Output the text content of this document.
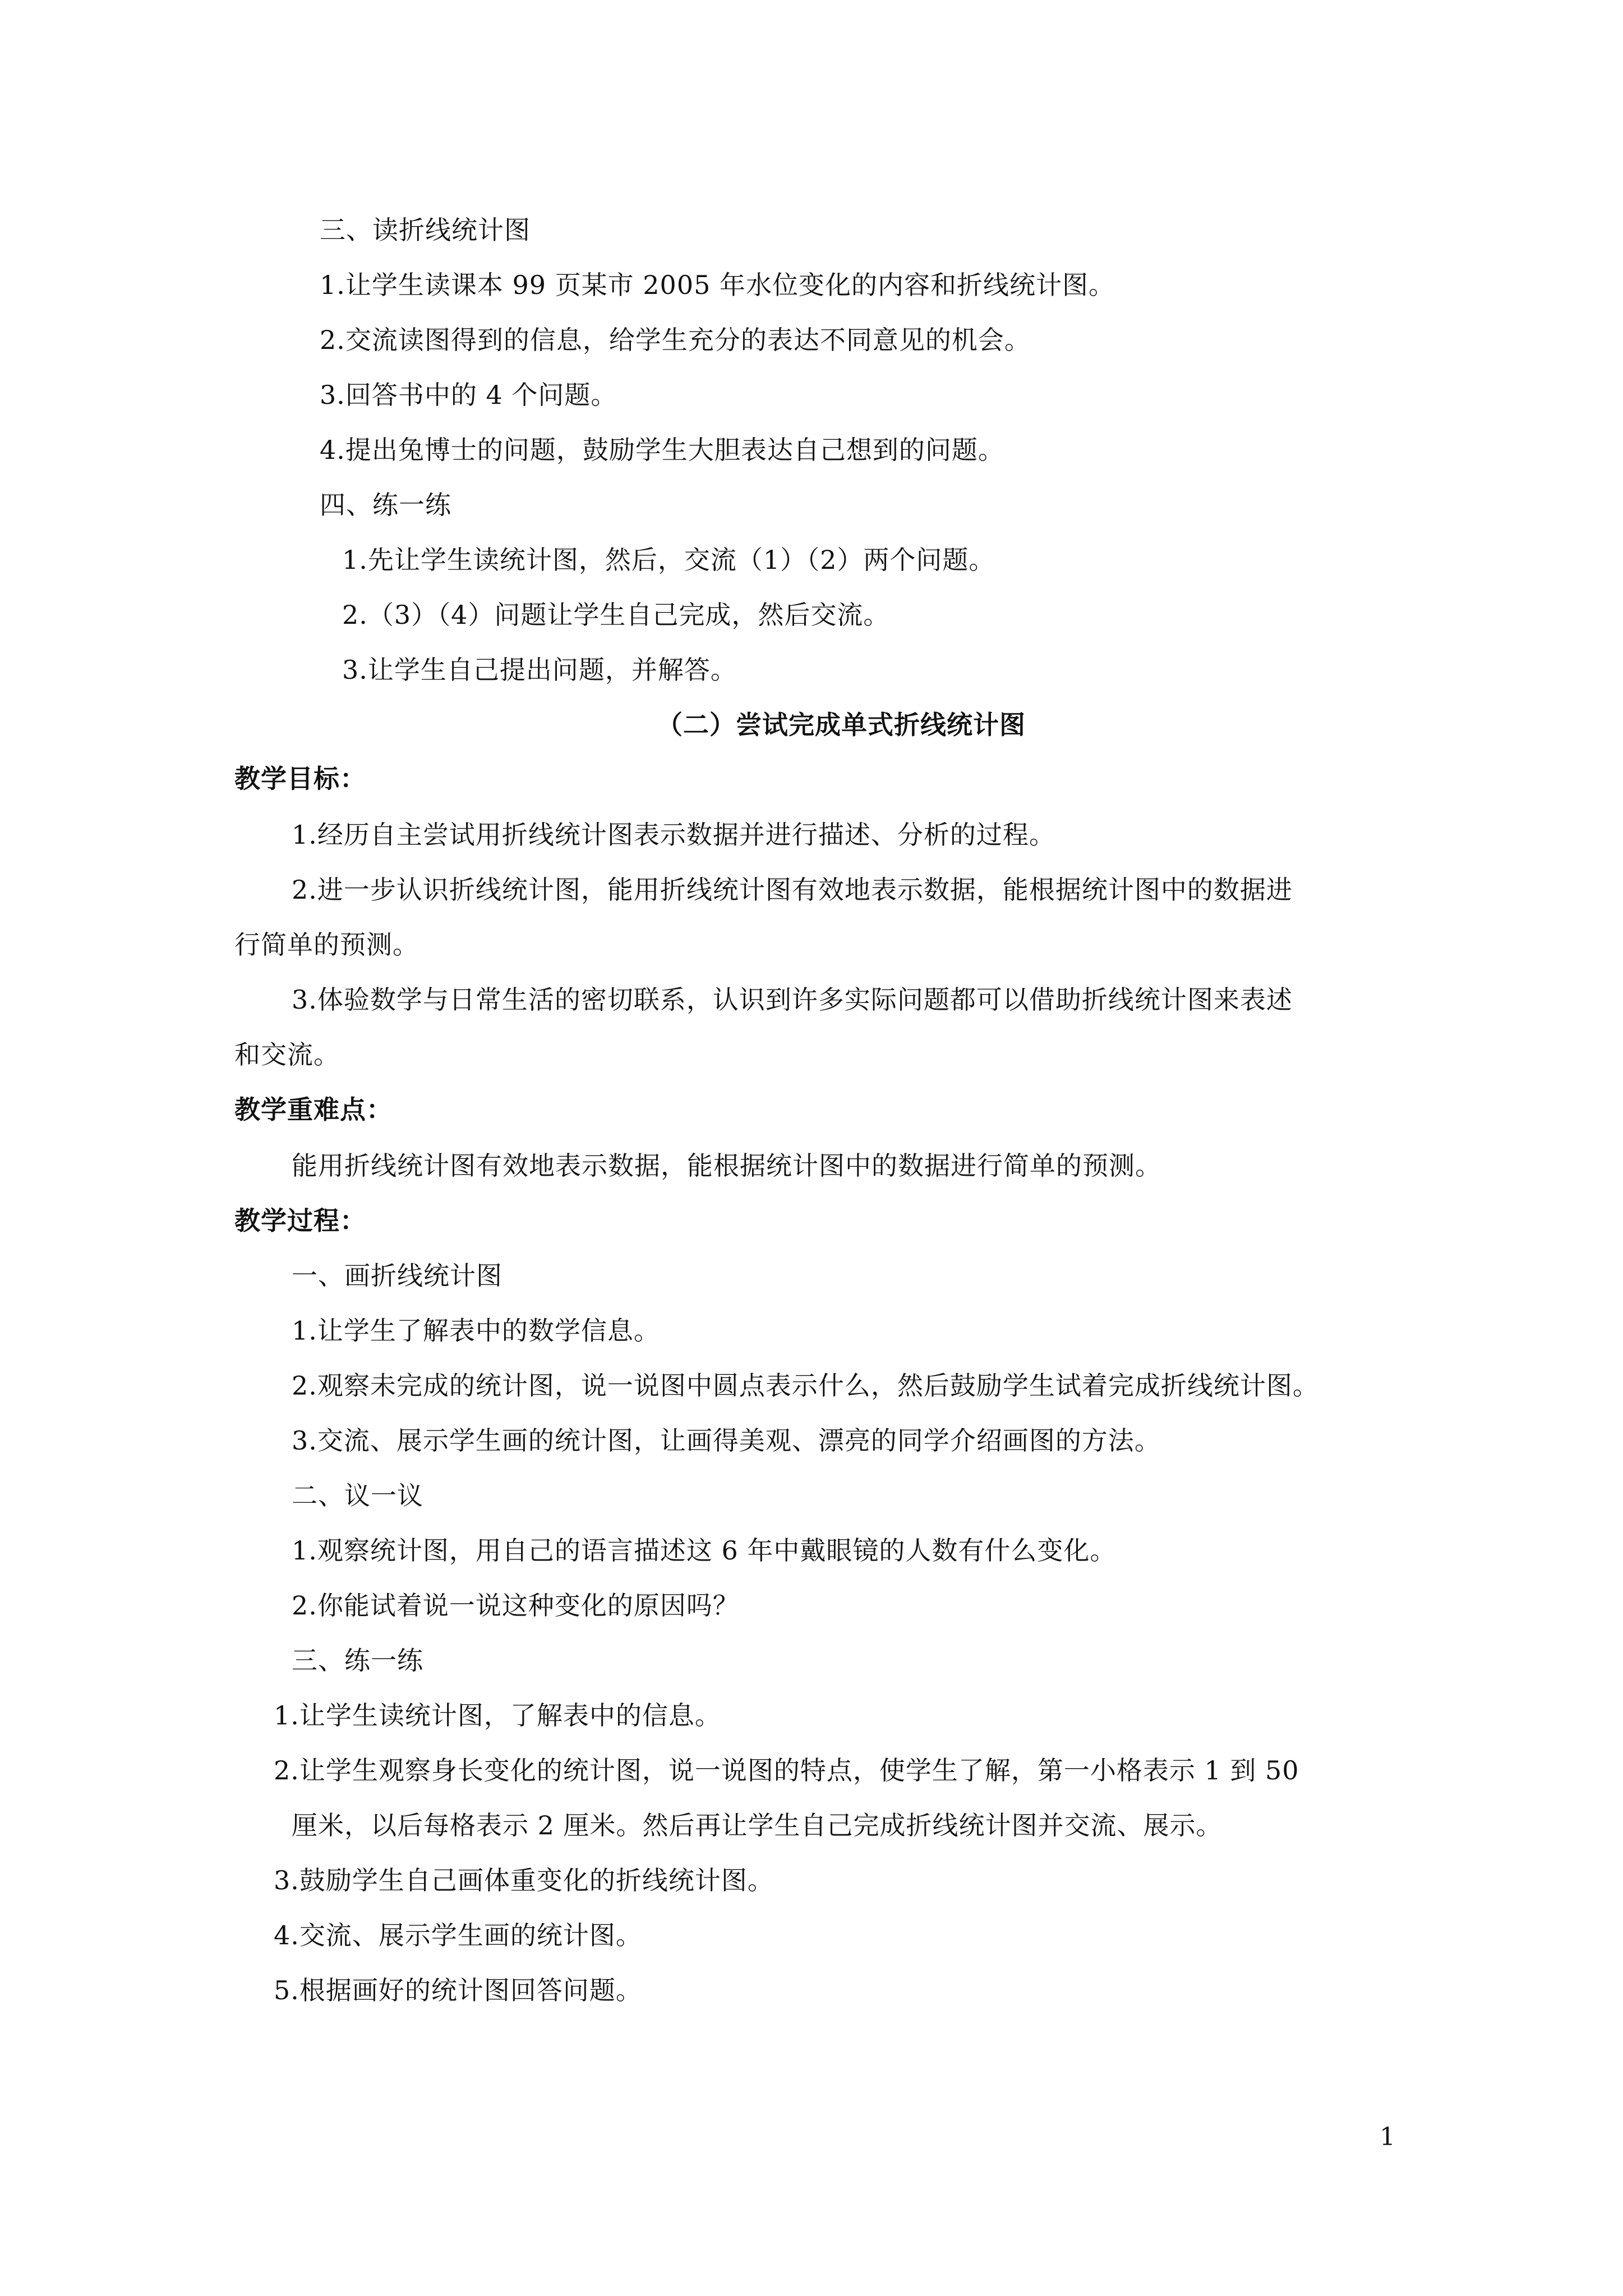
三、读折线统计图
1.让学生读课本 99 页某市 2005 年水位变化的内容和折线统计图。
2.交流读图得到的信息，给学生充分的表达不同意见的机会。
3.回答书中的 4 个问题。
4.提出兔博士的问题，鼓励学生大胆表达自己想到的问题。
四、练一练
1.先让学生读统计图，然后，交流（1）（2）两个问题。
2.（3）（4）问题让学生自己完成，然后交流。
3.让学生自己提出问题，并解答。
（二）尝试完成单式折线统计图
教学目标：
1.经历自主尝试用折线统计图表示数据并进行描述、分析的过程。
2.进一步认识折线统计图，能用折线统计图有效地表示数据，能根据统计图中的数据进
行简单的预测。
3.体验数学与日常生活的密切联系，认识到许多实际问题都可以借助折线统计图来表述
和交流。
教学重难点：
能用折线统计图有效地表示数据，能根据统计图中的数据进行简单的预测。
教学过程：
一、画折线统计图
1.让学生了解表中的数学信息。
2.观察未完成的统计图，说一说图中圆点表示什么，然后鼓励学生试着完成折线统计图。
3.交流、展示学生画的统计图，让画得美观、漂亮的同学介绍画图的方法。
二、议一议
1.观察统计图，用自己的语言描述这 6 年中戴眼镜的人数有什么变化。
2.你能试着说一说这种变化的原因吗？
三、练一练
1.让学生读统计图，了解表中的信息。
2.让学生观察身长变化的统计图，说一说图的特点，使学生了解，第一小格表示 1 到 50
厘米，以后每格表示 2 厘米。然后再让学生自己完成折线统计图并交流、展示。
3.鼓励学生自己画体重变化的折线统计图。
4.交流、展示学生画的统计图。
5.根据画好的统计图回答问题。
1
